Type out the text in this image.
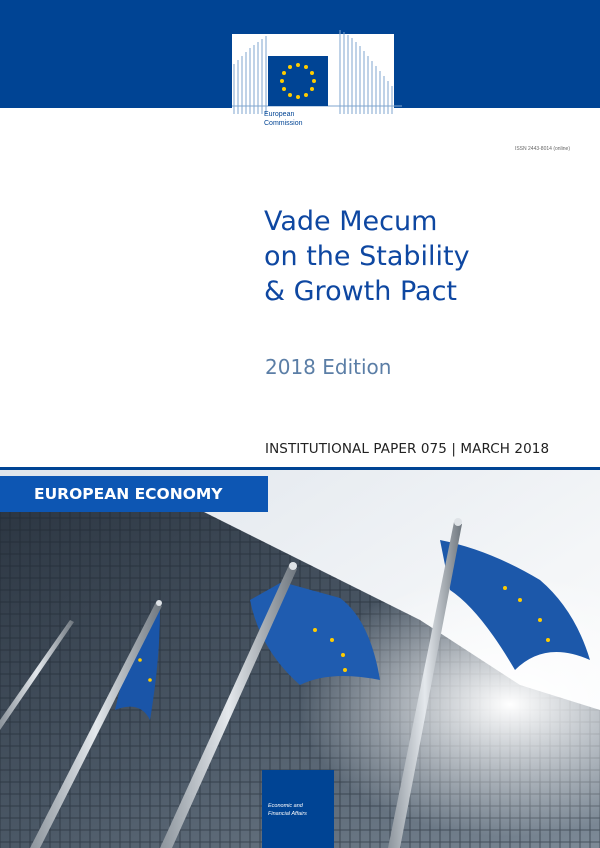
European
Commission
ISSN 2443-8014 (online)
Vade Mecum
on the Stability
& Growth Pact
2018 Edition
INSTITUTIONAL PAPER 075 | MARCH 2018
EUROPEAN ECONOMY
Economic and
Financial Affairs
